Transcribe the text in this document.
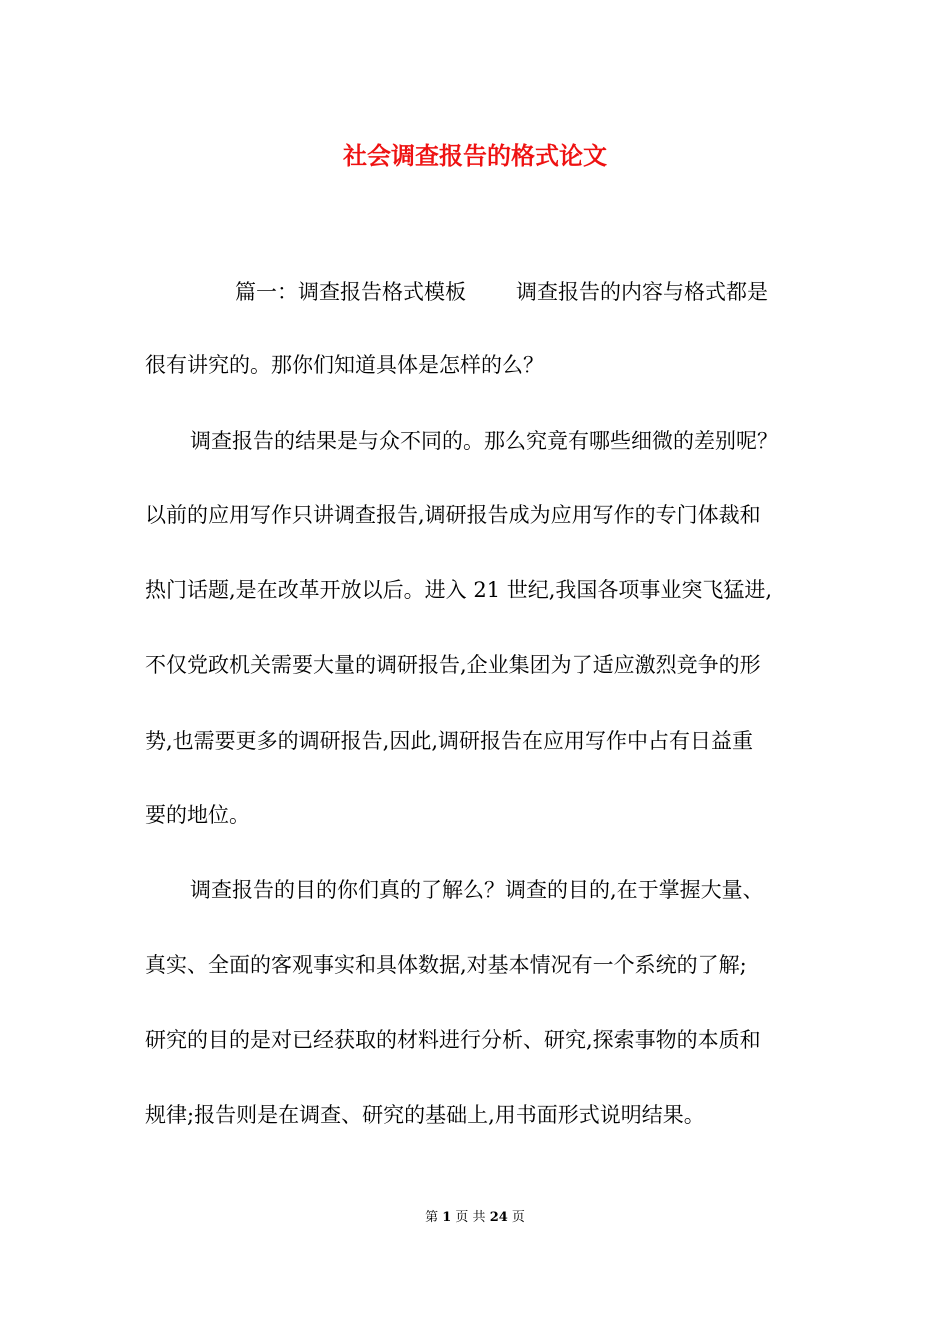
社会调查报告的格式论文

篇一：调查报告格式模板 调查报告的内容与格式都是

很有讲究的。那你们知道具体是怎样的么？

调查报告的结果是与众不同的。那么究竟有哪些细微的差别呢？

以前的应用写作只讲调查报告,调研报告成为应用写作的专门体裁和

热门话题,是在改革开放以后。进入 21 世纪,我国各项事业突飞猛进,

不仅党政机关需要大量的调研报告,企业集团为了适应激烈竞争的形

势,也需要更多的调研报告,因此,调研报告在应用写作中占有日益重

要的地位。

调查报告的目的你们真的了解么？调查的目的,在于掌握大量、

真实、全面的客观事实和具体数据,对基本情况有一个系统的了解;

研究的目的是对已经获取的材料进行分析、研究,探索事物的本质和

规律;报告则是在调查、研究的基础上,用书面形式说明结果。

第 1 页 共 24 页
